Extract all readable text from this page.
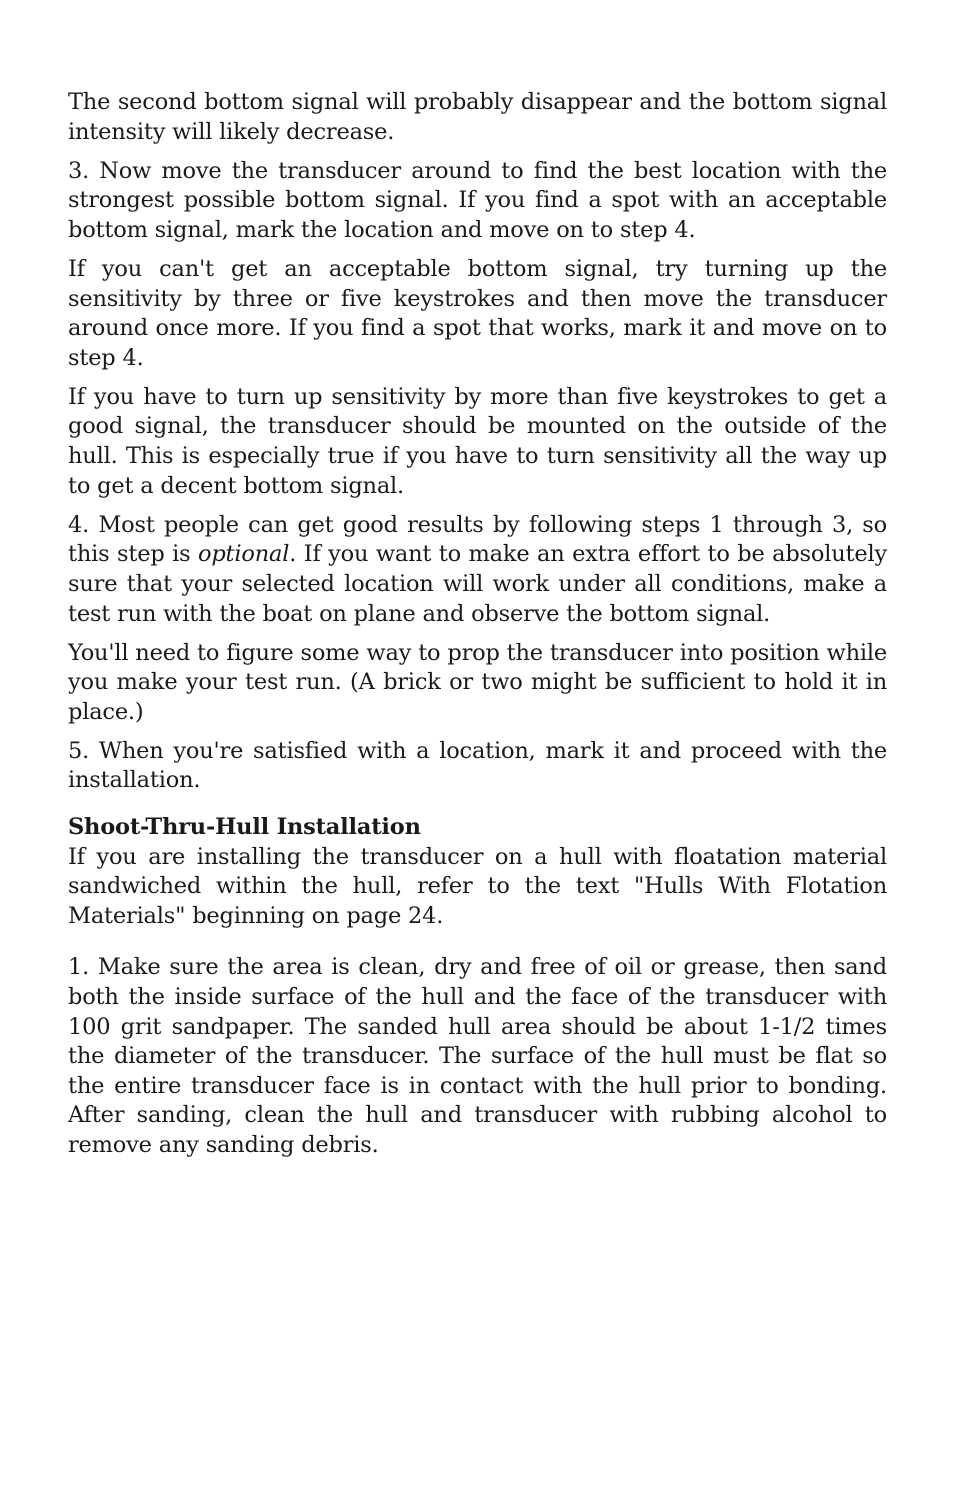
The second bottom signal will probably disappear and the bottom signal intensity will likely decrease.

3. Now move the transducer around to find the best location with the strongest possible bottom signal. If you find a spot with an acceptable bottom signal, mark the location and move on to step 4.

If you can't get an acceptable bottom signal, try turning up the sensitivity by three or five keystrokes and then move the transducer around once more. If you find a spot that works, mark it and move on to step 4.

If you have to turn up sensitivity by more than five keystrokes to get a good signal, the transducer should be mounted on the outside of the hull. This is especially true if you have to turn sensitivity all the way up to get a decent bottom signal.

4. Most people can get good results by following steps 1 through 3, so this step is optional. If you want to make an extra effort to be absolutely sure that your selected location will work under all conditions, make a test run with the boat on plane and observe the bottom signal.

You'll need to figure some way to prop the transducer into position while you make your test run. (A brick or two might be sufficient to hold it in place.)

5. When you're satisfied with a location, mark it and proceed with the installation.

Shoot-Thru-Hull Installation

If you are installing the transducer on a hull with floatation material sandwiched within the hull, refer to the text "Hulls With Flotation Materials" beginning on page 24.

1. Make sure the area is clean, dry and free of oil or grease, then sand both the inside surface of the hull and the face of the transducer with 100 grit sandpaper. The sanded hull area should be about 1-1/2 times the diameter of the transducer. The surface of the hull must be flat so the entire transducer face is in contact with the hull prior to bonding. After sanding, clean the hull and transducer with rubbing alcohol to remove any sanding debris.
